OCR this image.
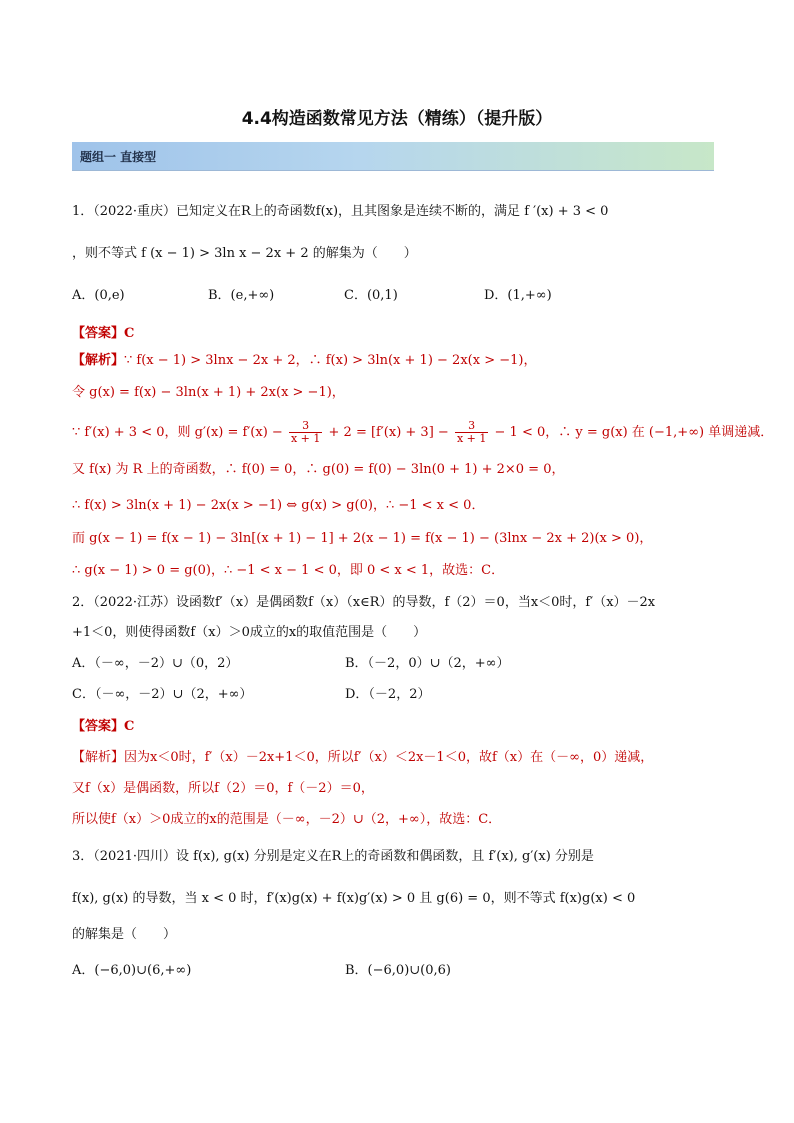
4.4构造函数常见方法（精练）（提升版）
题组一 直接型
1．（2022·重庆）已知定义在R上的奇函数f(x)，且其图象是连续不断的，满足 f ′(x) + 3 < 0
，则不等式 f (x − 1) > 3ln x − 2x + 2 的解集为（　　）
A．(0,e)	B．(e,+∞)	C．(0,1)	D．(1,+∞)
【答案】C
【解析】∵ f(x − 1) > 3lnx − 2x + 2，∴ f(x) > 3ln(x + 1) − 2x(x > −1)，
令 g(x) = f(x) − 3ln(x + 1) + 2x(x > −1)，
∵ f′(x) + 3 < 0，则 $g'(x) = f'(x) - \frac{3}{x + 1} + 2 = [f'(x) + 3] - \frac{3}{x + 1} - 1 < 0$，∴ y = g(x) 在 (−1,+∞) 单调递减．
又 f(x) 为 R 上的奇函数，∴ f(0) = 0，∴ g(0) = f(0) − 3ln(0 + 1) + 2×0 = 0，
∴ f(x) > 3ln(x + 1) − 2x(x > −1) ⇔ g(x) > g(0)，∴ −1 < x < 0．
而 g(x − 1) = f(x − 1) − 3ln[(x + 1) − 1] + 2(x − 1) = f(x − 1) − (3lnx − 2x + 2)(x > 0)，
∴ g(x − 1) > 0 = g(0)，∴ −1 < x − 1 < 0，即 0 < x < 1，故选：C．
2．（2022·江苏）设函数f′（x）是偶函数f（x）（x∈R）的导数，f（2）＝0，当x＜0时，f′（x）－2x
+1＜0，则使得函数f（x）＞0成立的x的取值范围是（　　）
A．（－∞，－2）∪（0，2）	B．（－2，0）∪（2，+∞）
C．（－∞，－2）∪（2，+∞）	D．（－2，2）
【答案】C
【解析】因为x＜0时，f′（x）－2x+1＜0，所以f′（x）＜2x－1＜0，故f（x）在（－∞，0）递减，
又f（x）是偶函数，所以f（2）＝0，f（－2）＝0，
所以使f（x）＞0成立的x的范围是（－∞，－2）∪（2，+∞），故选：C．
3．（2021·四川）设 f(x), g(x) 分别是定义在R上的奇函数和偶函数，且 f′(x), g′(x) 分别是
f(x), g(x) 的导数，当 x < 0 时，f′(x)g(x) + f(x)g′(x) > 0 且 g(6) = 0，则不等式 f(x)g(x) < 0
的解集是（　　）
A．(−6,0)∪(6,+∞)	B．(−6,0)∪(0,6)
